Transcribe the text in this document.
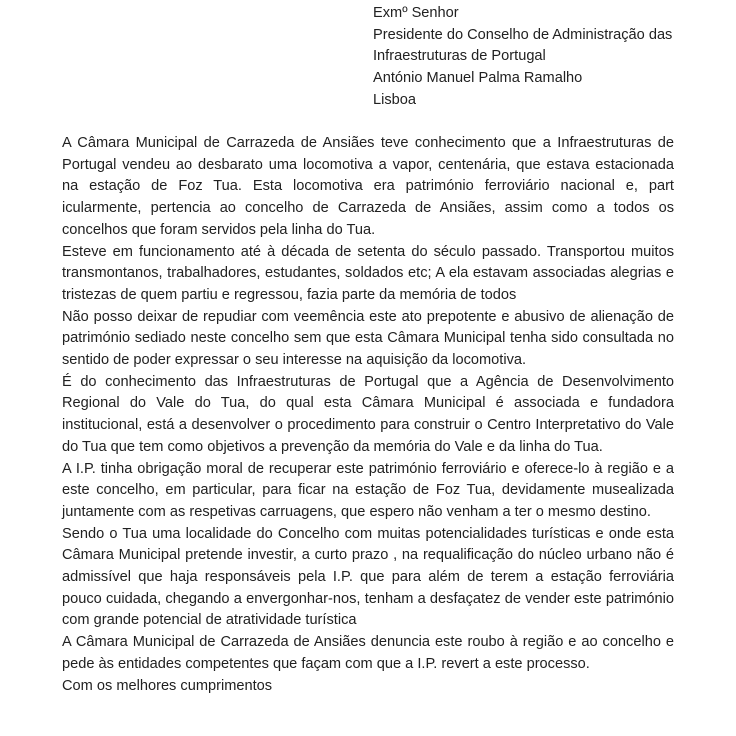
Exmº Senhor
Presidente do Conselho de Administração das
Infraestruturas de Portugal
António Manuel Palma Ramalho
Lisboa

A Câmara Municipal de Carrazeda de Ansiães teve conhecimento que a Infraestruturas de Portugal vendeu ao desbarato uma locomotiva a vapor, centenária, que estava estacionada na estação de Foz Tua. Esta locomotiva era património ferroviário nacional e, part icularmente, pertencia ao concelho de Carrazeda de Ansiães, assim como a todos os concelhos que foram servidos pela linha do Tua.

Esteve em funcionamento até à década de setenta do século passado. Transportou muitos transmontanos, trabalhadores, estudantes, soldados etc; A ela estavam associadas alegrias e tristezas de quem partiu e regressou, fazia parte da memória de todos

Não posso deixar de repudiar com veemência este ato prepotente e abusivo de alienação de património sediado neste concelho sem que esta Câmara Municipal tenha sido consultada no sentido de poder expressar o seu interesse na aquisição da locomotiva.

É do conhecimento das Infraestruturas de Portugal que a Agência de Desenvolvimento Regional do Vale do Tua, do qual esta Câmara Municipal é associada e fundadora institucional, está a desenvolver o procedimento para construir o Centro Interpretativo do Vale do Tua que tem como objetivos a prevenção da memória do Vale e da linha do Tua.

A I.P. tinha obrigação moral de recuperar este património ferroviário e oferece-lo à região e a este concelho, em particular, para ficar na estação de Foz Tua, devidamente musealizada juntamente com as respetivas carruagens, que espero não venham a ter o mesmo destino.

Sendo o Tua uma localidade do Concelho com muitas potencialidades turísticas e onde esta Câmara Municipal pretende investir, a curto prazo , na requalificação do núcleo urbano não é admissível que haja responsáveis pela I.P. que para além de terem a estação ferroviária pouco cuidada, chegando a envergonhar-nos, tenham a desfaçatez de vender este património com grande potencial de atratividade turística

A Câmara Municipal de Carrazeda de Ansiães denuncia este roubo à região e ao concelho e pede às entidades competentes que façam com que a I.P. revert a este processo.

Com os melhores cumprimentos
